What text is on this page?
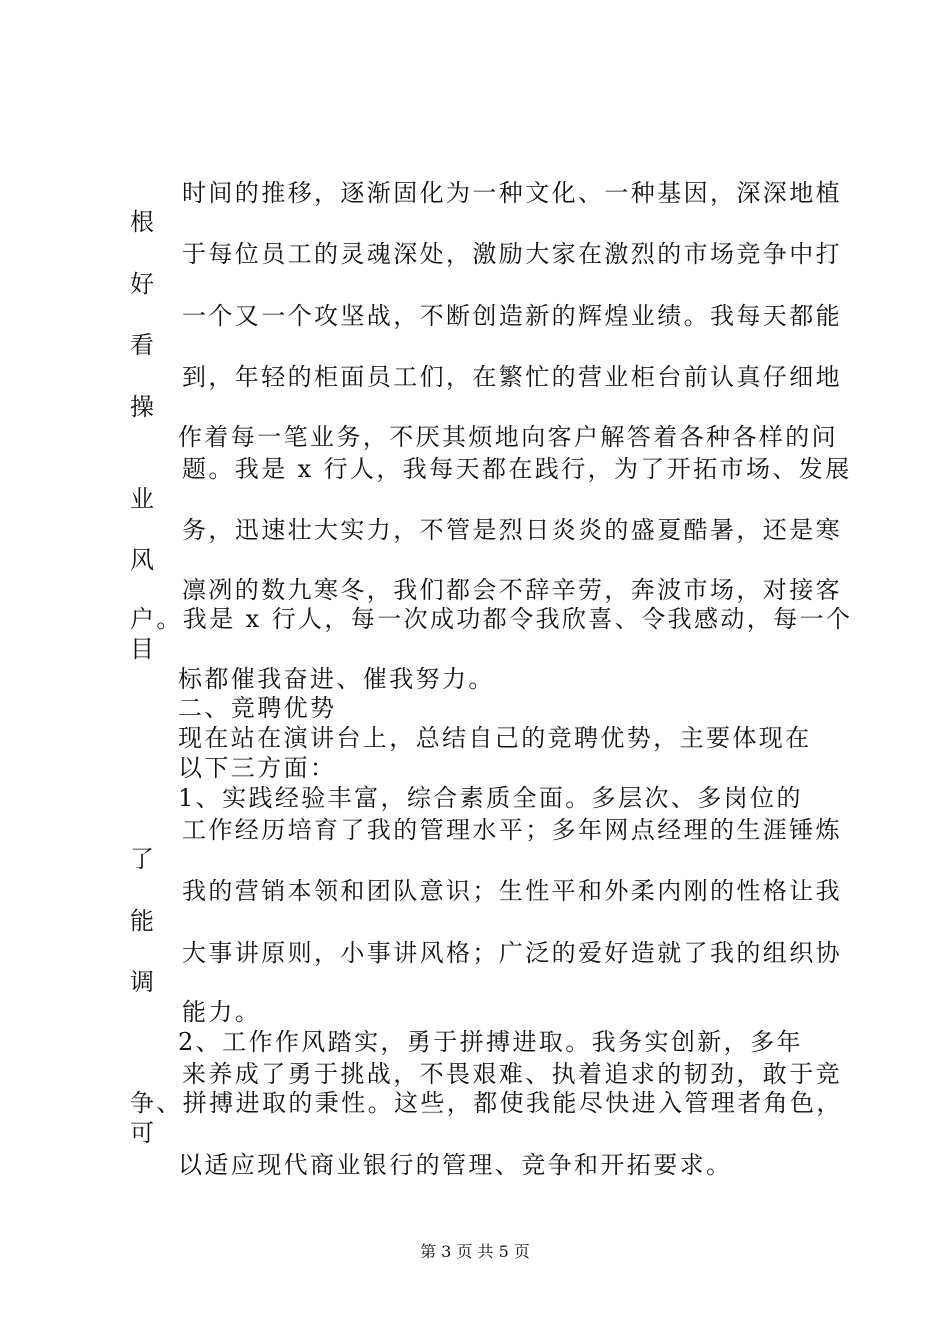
时间的推移，逐渐固化为一种文化、一种基因，深深地植
根
于每位员工的灵魂深处，激励大家在激烈的市场竞争中打
好
一个又一个攻坚战，不断创造新的辉煌业绩。我每天都能
看
到，年轻的柜面员工们，在繁忙的营业柜台前认真仔细地
操
作着每一笔业务，不厌其烦地向客户解答着各种各样的问
题。我是 x 行人，我每天都在践行，为了开拓市场、发展
业
务，迅速壮大实力，不管是烈日炎炎的盛夏酷暑，还是寒
风
凛冽的数九寒冬，我们都会不辞辛劳，奔波市场，对接客
户。我是 x 行人，每一次成功都令我欣喜、令我感动，每一个
目
标都催我奋进、催我努力。
二、竞聘优势
现在站在演讲台上，总结自己的竞聘优势，主要体现在
以下三方面：
1、实践经验丰富，综合素质全面。多层次、多岗位的
工作经历培育了我的管理水平；多年网点经理的生涯锤炼
了
我的营销本领和团队意识；生性平和外柔内刚的性格让我
能
大事讲原则，小事讲风格；广泛的爱好造就了我的组织协
调
能力。
2、工作作风踏实，勇于拼搏进取。我务实创新，多年
来养成了勇于挑战，不畏艰难、执着追求的韧劲，敢于竞
争、拼搏进取的秉性。这些，都使我能尽快进入管理者角色，
可
以适应现代商业银行的管理、竞争和开拓要求。
第 3 页 共 5 页
